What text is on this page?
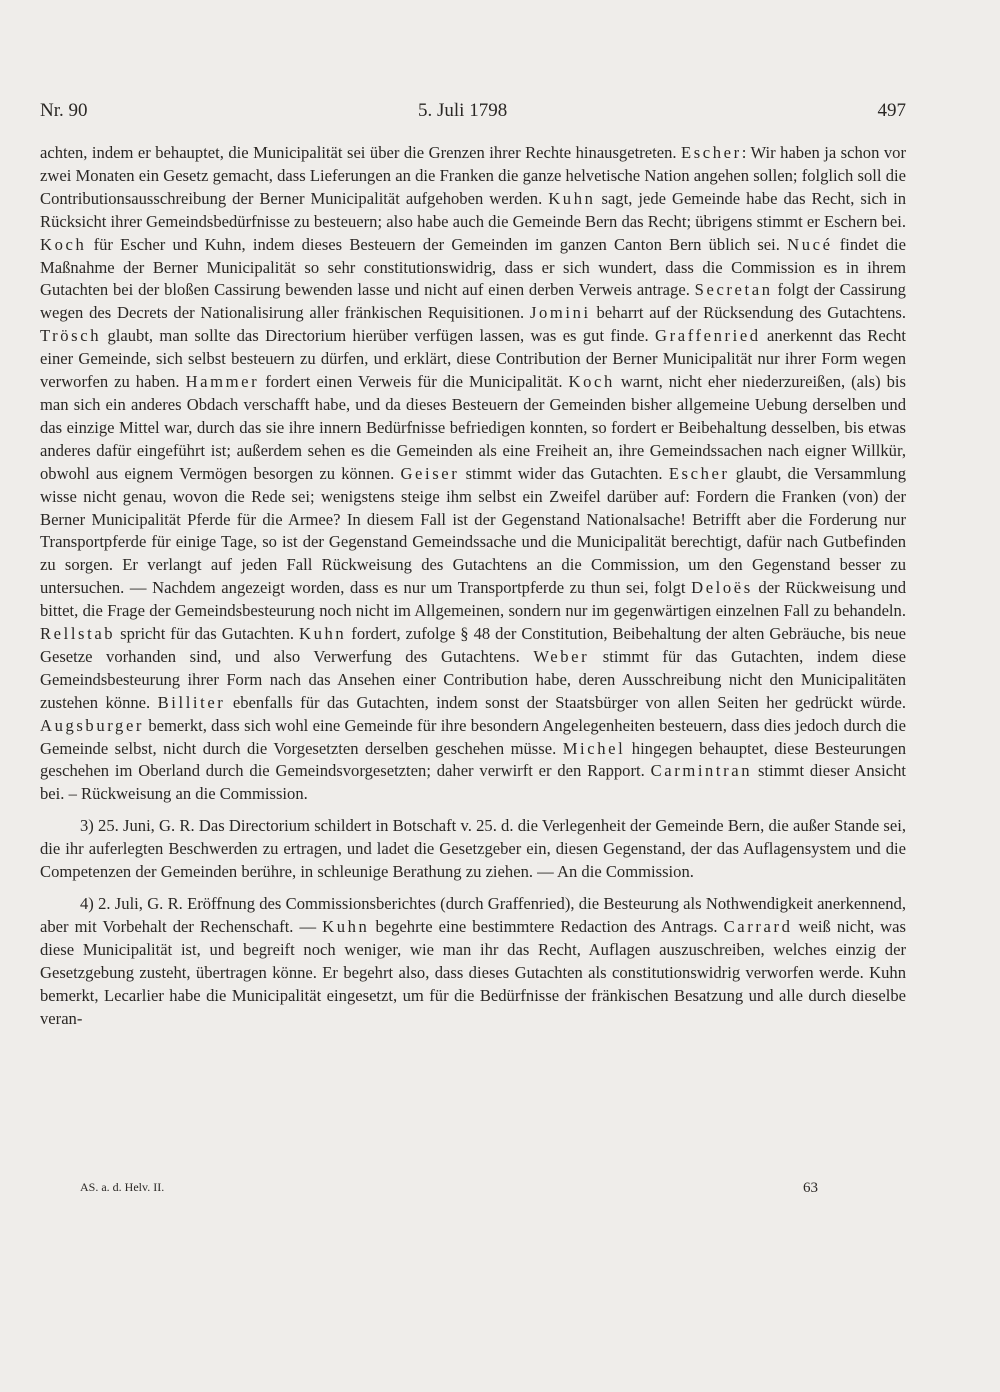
Nr. 90	5. Juli 1798	497

achten, indem er behauptet, die Municipalität sei über die Grenzen ihrer Rechte hinausgetreten. Escher: Wir haben ja schon vor zwei Monaten ein Gesetz gemacht, dass Lieferungen an die Franken die ganze helvetische Nation angehen sollen; folglich soll die Contributionsausschreibung der Berner Municipalität aufgehoben werden. Kuhn sagt, jede Gemeinde habe das Recht, sich in Rücksicht ihrer Gemeindsbedürfnisse zu besteuern; also habe auch die Gemeinde Bern das Recht; übrigens stimmt er Eschern bei. Koch für Escher und Kuhn, indem dieses Besteuern der Gemeinden im ganzen Canton Bern üblich sei. Nucé findet die Maßnahme der Berner Municipalität so sehr constitutionswidrig, dass er sich wundert, dass die Commission es in ihrem Gutachten bei der bloßen Cassirung bewenden lasse und nicht auf einen derben Verweis antrage. Secretan folgt der Cassirung wegen des Decrets der Nationalisirung aller fränkischen Requisitionen. Jomini beharrt auf der Rücksendung des Gutachtens. Trösch glaubt, man sollte das Directorium hierüber verfügen lassen, was es gut finde. Graffenried anerkennt das Recht einer Gemeinde, sich selbst besteuern zu dürfen, und erklärt, diese Contribution der Berner Municipalität nur ihrer Form wegen verworfen zu haben. Hammer fordert einen Verweis für die Municipalität. Koch warnt, nicht eher niederzureißen, (als) bis man sich ein anderes Obdach verschafft habe, und da dieses Besteuern der Gemeinden bisher allgemeine Uebung derselben und das einzige Mittel war, durch das sie ihre innern Bedürfnisse befriedigen konnten, so fordert er Beibehaltung desselben, bis etwas anderes dafür eingeführt ist; außerdem sehen es die Gemeinden als eine Freiheit an, ihre Gemeindssachen nach eigner Willkür, obwohl aus eignem Vermögen besorgen zu können. Geiser stimmt wider das Gutachten. Escher glaubt, die Versammlung wisse nicht genau, wovon die Rede sei; wenigstens steige ihm selbst ein Zweifel darüber auf: Fordern die Franken (von) der Berner Municipalität Pferde für die Armee? In diesem Fall ist der Gegenstand Nationalsache! Betrifft aber die Forderung nur Transportpferde für einige Tage, so ist der Gegenstand Gemeindssache und die Municipalität berechtigt, dafür nach Gutbefinden zu sorgen. Er verlangt auf jeden Fall Rückweisung des Gutachtens an die Commission, um den Gegenstand besser zu untersuchen. — Nachdem angezeigt worden, dass es nur um Transportpferde zu thun sei, folgt Deloës der Rückweisung und bittet, die Frage der Gemeindsbesteurung noch nicht im Allgemeinen, sondern nur im gegenwärtigen einzelnen Fall zu behandeln. Rellstab spricht für das Gutachten. Kuhn fordert, zufolge § 48 der Constitution, Beibehaltung der alten Gebräuche, bis neue Gesetze vorhanden sind, und also Verwerfung des Gutachtens. Weber stimmt für das Gutachten, indem diese Gemeindsbesteurung ihrer Form nach das Ansehen einer Contribution habe, deren Ausschreibung nicht den Municipalitäten zustehen könne. Billiter ebenfalls für das Gutachten, indem sonst der Staatsbürger von allen Seiten her gedrückt würde. Augsburger bemerkt, dass sich wohl eine Gemeinde für ihre besondern Angelegenheiten besteuern, dass dies jedoch durch die Gemeinde selbst, nicht durch die Vorgesetzten derselben geschehen müsse. Michel hingegen behauptet, diese Besteurungen geschehen im Oberland durch die Gemeindsvorgesetzten; daher verwirft er den Rapport. Carmintran stimmt dieser Ansicht bei. – Rückweisung an die Commission.

3) 25. Juni, G. R. Das Directorium schildert in Botschaft v. 25. d. die Verlegenheit der Gemeinde Bern, die außer Stande sei, die ihr auferlegten Beschwerden zu ertragen, und ladet die Gesetzgeber ein, diesen Gegenstand, der das Auflagensystem und die Competenzen der Gemeinden berühre, in schleunige Berathung zu ziehen. — An die Commission.

4) 2. Juli, G. R. Eröffnung des Commissionsberichtes (durch Graffenried), die Besteurung als Nothwendigkeit anerkennend, aber mit Vorbehalt der Rechenschaft. — Kuhn begehrte eine bestimmtere Redaction des Antrags. Carrard weiß nicht, was diese Municipalität ist, und begreift noch weniger, wie man ihr das Recht, Auflagen auszuschreiben, welches einzig der Gesetzgebung zusteht, übertragen könne. Er begehrt also, dass dieses Gutachten als constitutionswidrig verworfen werde. Kuhn bemerkt, Lecarlier habe die Municipalität eingesetzt, um für die Bedürfnisse der fränkischen Besatzung und alle durch dieselbe veran-

AS. a. d. Helv. II.	63
